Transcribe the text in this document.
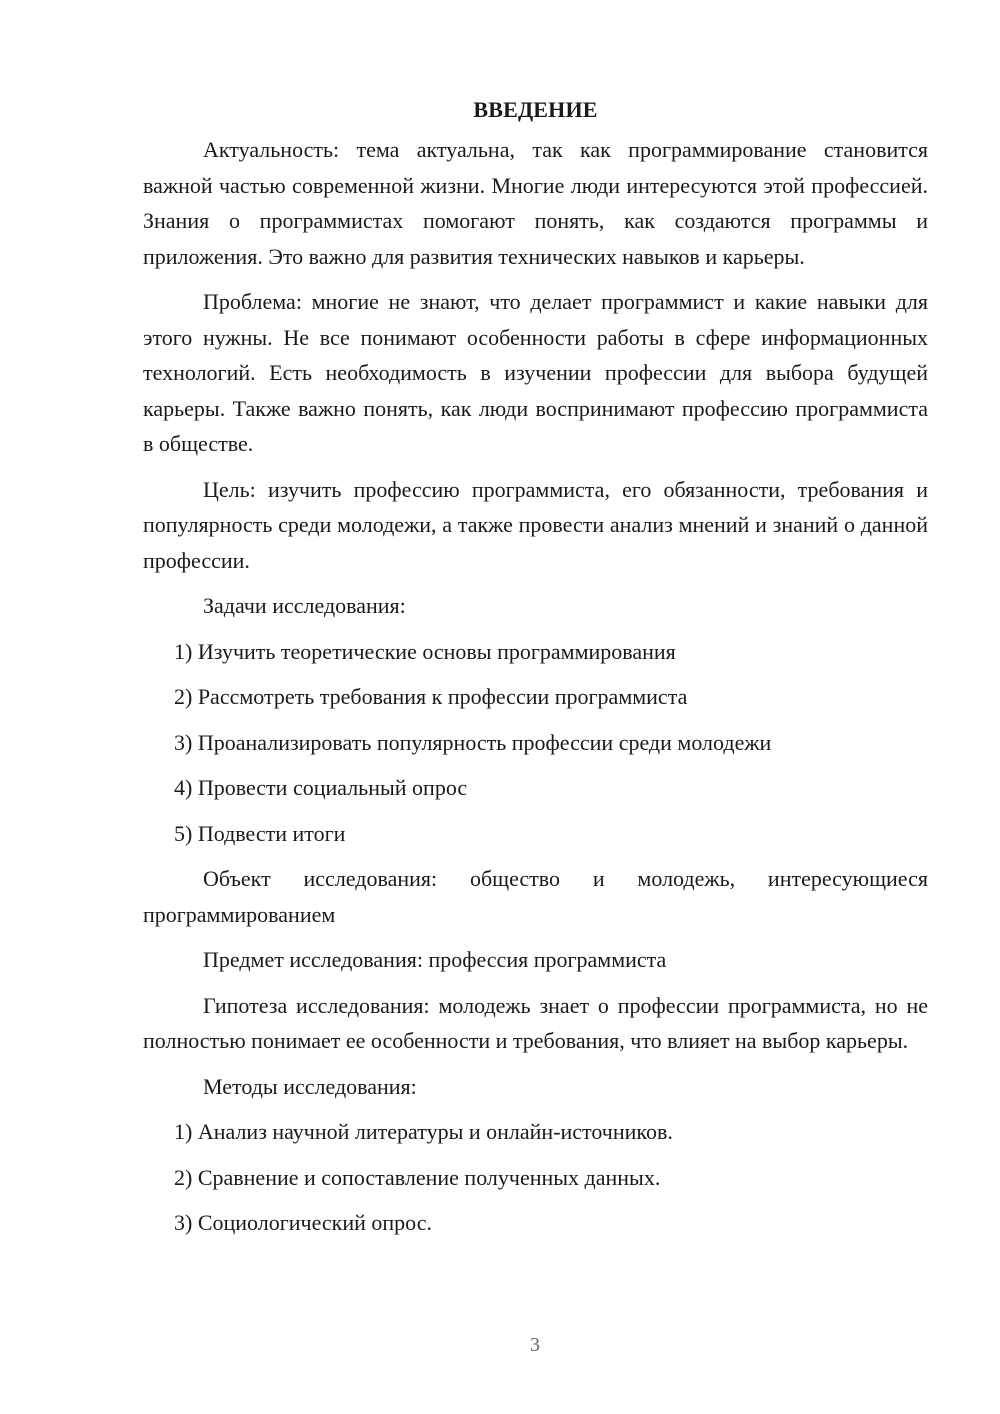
ВВЕДЕНИЕ

Актуальность: тема актуальна, так как программирование становится важной частью современной жизни. Многие люди интересуются этой профессией. Знания о программистах помогают понять, как создаются программы и приложения. Это важно для развития технических навыков и карьеры.

Проблема: многие не знают, что делает программист и какие навыки для этого нужны. Не все понимают особенности работы в сфере информационных технологий. Есть необходимость в изучении профессии для выбора будущей карьеры. Также важно понять, как люди воспринимают профессию программиста в обществе.

Цель: изучить профессию программиста, его обязанности, требования и популярность среди молодежи, а также провести анализ мнений и знаний о данной профессии.

Задачи исследования:

1) Изучить теоретические основы программирования
2) Рассмотреть требования к профессии программиста
3) Проанализировать популярность профессии среди молодежи
4) Провести социальный опрос
5) Подвести итоги

Объект исследования: общество и молодежь, интересующиеся программированием

Предмет исследования: профессия программиста

Гипотеза исследования: молодежь знает о профессии программиста, но не полностью понимает ее особенности и требования, что влияет на выбор карьеры.

Методы исследования:

1) Анализ научной литературы и онлайн-источников.
2) Сравнение и сопоставление полученных данных.
3) Социологический опрос.
3
